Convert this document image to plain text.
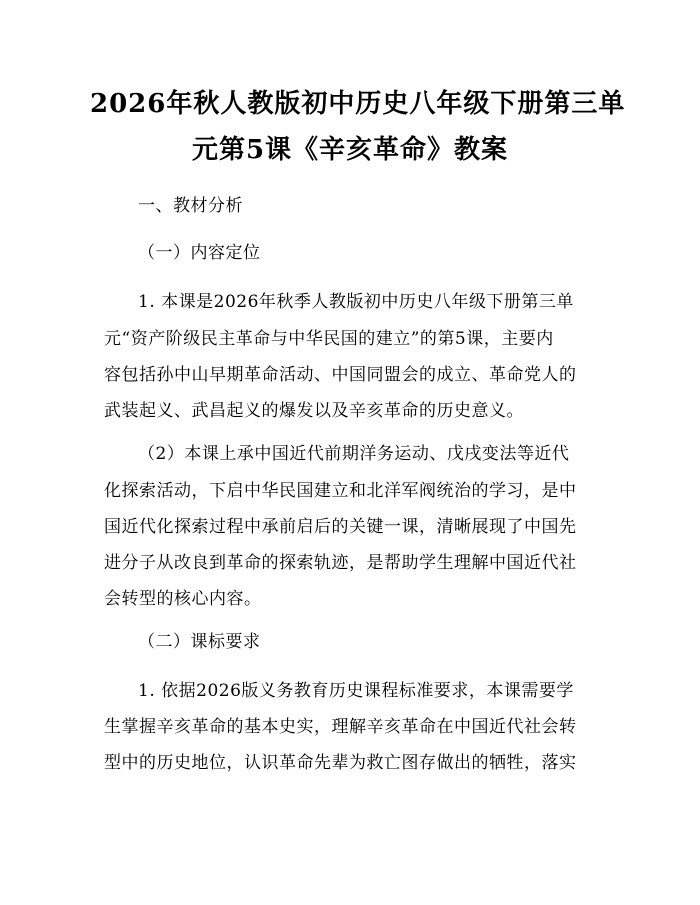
2026年秋人教版初中历史八年级下册第三单
元第5课《辛亥革命》教案
一、教材分析
（一）内容定位
1. 本课是2026年秋季人教版初中历史八年级下册第三单
元“资产阶级民主革命与中华民国的建立”的第5课，主要内
容包括孙中山早期革命活动、中国同盟会的成立、革命党人的
武装起义、武昌起义的爆发以及辛亥革命的历史意义。
（2）本课上承中国近代前期洋务运动、戊戌变法等近代
化探索活动，下启中华民国建立和北洋军阀统治的学习，是中
国近代化探索过程中承前启后的关键一课，清晰展现了中国先
进分子从改良到革命的探索轨迹，是帮助学生理解中国近代社
会转型的核心内容。
（二）课标要求
1. 依据2026版义务教育历史课程标准要求，本课需要学
生掌握辛亥革命的基本史实，理解辛亥革命在中国近代社会转
型中的历史地位，认识革命先辈为救亡图存做出的牺牲，落实
